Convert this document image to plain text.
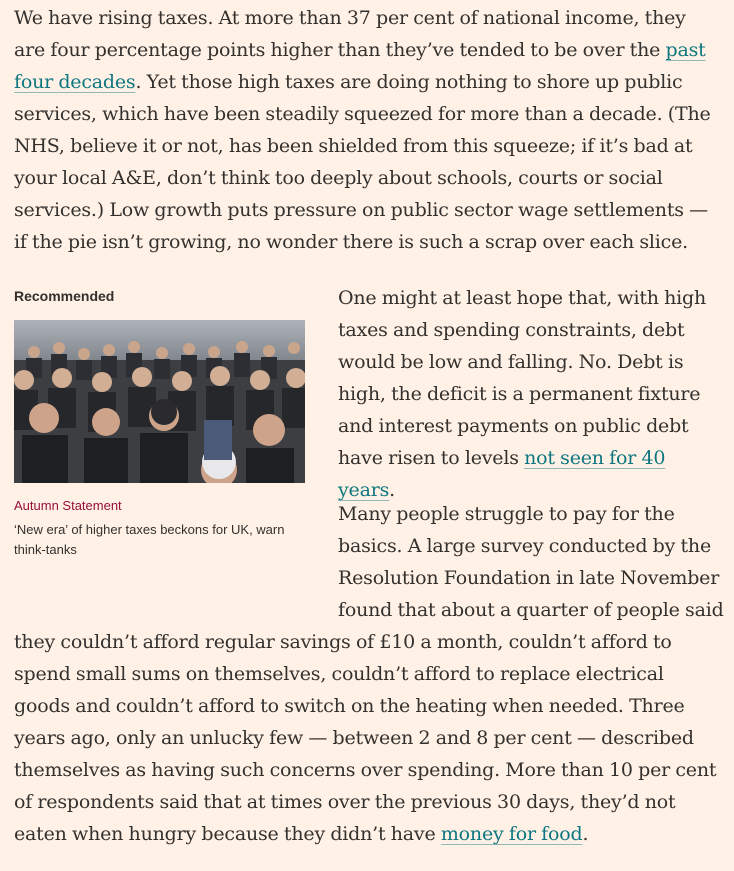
We have rising taxes. At more than 37 per cent of national income, they are four percentage points higher than they’ve tended to be over the past four decades. Yet those high taxes are doing nothing to shore up public services, which have been steadily squeezed for more than a decade. (The NHS, believe it or not, has been shielded from this squeeze; if it’s bad at your local A&E, don’t think too deeply about schools, courts or social services.) Low growth puts pressure on public sector wage settlements — if the pie isn’t growing, no wonder there is such a scrap over each slice.

Recommended
Autumn Statement
‘New era’ of higher taxes beckons for UK, warn think-tanks

One might at least hope that, with high taxes and spending constraints, debt would be low and falling. No. Debt is high, the deficit is a permanent fixture and interest payments on public debt have risen to levels not seen for 40 years.

Many people struggle to pay for the basics. A large survey conducted by the Resolution Foundation in late November found that about a quarter of people said they couldn’t afford regular savings of £10 a month, couldn’t afford to spend small sums on themselves, couldn’t afford to replace electrical goods and couldn’t afford to switch on the heating when needed. Three years ago, only an unlucky few — between 2 and 8 per cent — described themselves as having such concerns over spending. More than 10 per cent of respondents said that at times over the previous 30 days, they’d not eaten when hungry because they didn’t have money for food.
